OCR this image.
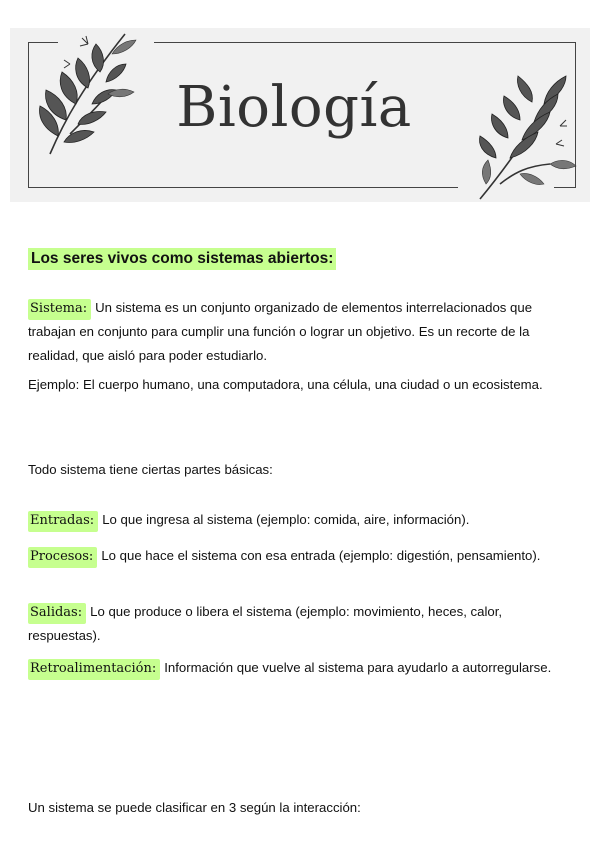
Biología
Los seres vivos como sistemas abiertos:

Sistema: Un sistema es un conjunto organizado de elementos interrelacionados que trabajan en conjunto para cumplir una función o lograr un objetivo. Es un recorte de la realidad, que aisló para poder estudiarlo.

Ejemplo: El cuerpo humano, una computadora, una célula, una ciudad o un ecosistema.

Todo sistema tiene ciertas partes básicas:

Entradas: Lo que ingresa al sistema (ejemplo: comida, aire, información).

Procesos: Lo que hace el sistema con esa entrada (ejemplo: digestión, pensamiento).

Salidas: Lo que produce o libera el sistema (ejemplo: movimiento, heces, calor, respuestas).

Retroalimentación: Información que vuelve al sistema para ayudarlo a autorregularse.

Un sistema se puede clasificar en 3 según la interacción:
